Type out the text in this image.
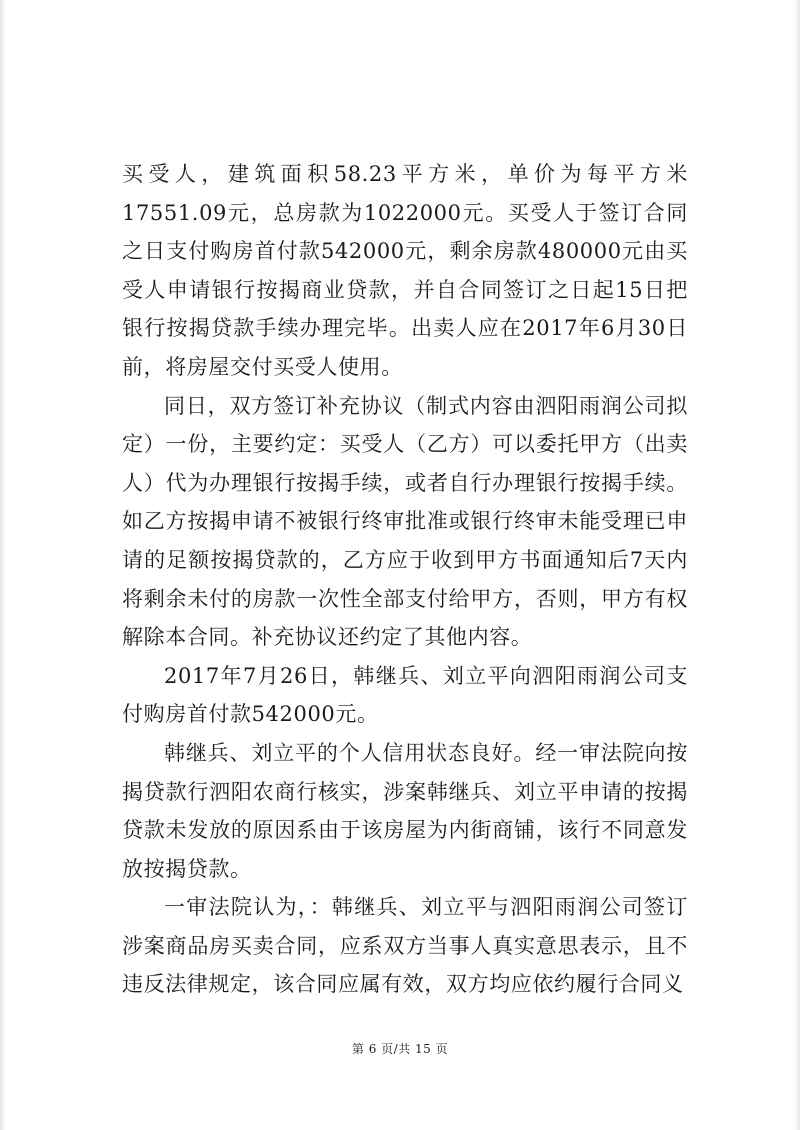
买受人，建筑面积58.23平方米，单价为每平方米17551.09元，总房款为1022000元。买受人于签订合同之日支付购房首付款542000元，剩余房款480000元由买受人申请银行按揭商业贷款，并自合同签订之日起15日把银行按揭贷款手续办理完毕。出卖人应在2017年6月30日前，将房屋交付买受人使用。

同日，双方签订补充协议（制式内容由泗阳雨润公司拟定）一份，主要约定：买受人（乙方）可以委托甲方（出卖人）代为办理银行按揭手续，或者自行办理银行按揭手续。如乙方按揭申请不被银行终审批准或银行终审未能受理已申请的足额按揭贷款的，乙方应于收到甲方书面通知后7天内将剩余未付的房款一次性全部支付给甲方，否则，甲方有权解除本合同。补充协议还约定了其他内容。

2017年7月26日，韩继兵、刘立平向泗阳雨润公司支付购房首付款542000元。

韩继兵、刘立平的个人信用状态良好。经一审法院向按揭贷款行泗阳农商行核实，涉案韩继兵、刘立平申请的按揭贷款未发放的原因系由于该房屋为内街商铺，该行不同意发放按揭贷款。

一审法院认为，：韩继兵、刘立平与泗阳雨润公司签订涉案商品房买卖合同，应系双方当事人真实意思表示，且不违反法律规定，该合同应属有效，双方均应依约履行合同义

第 6 页/共 15 页
